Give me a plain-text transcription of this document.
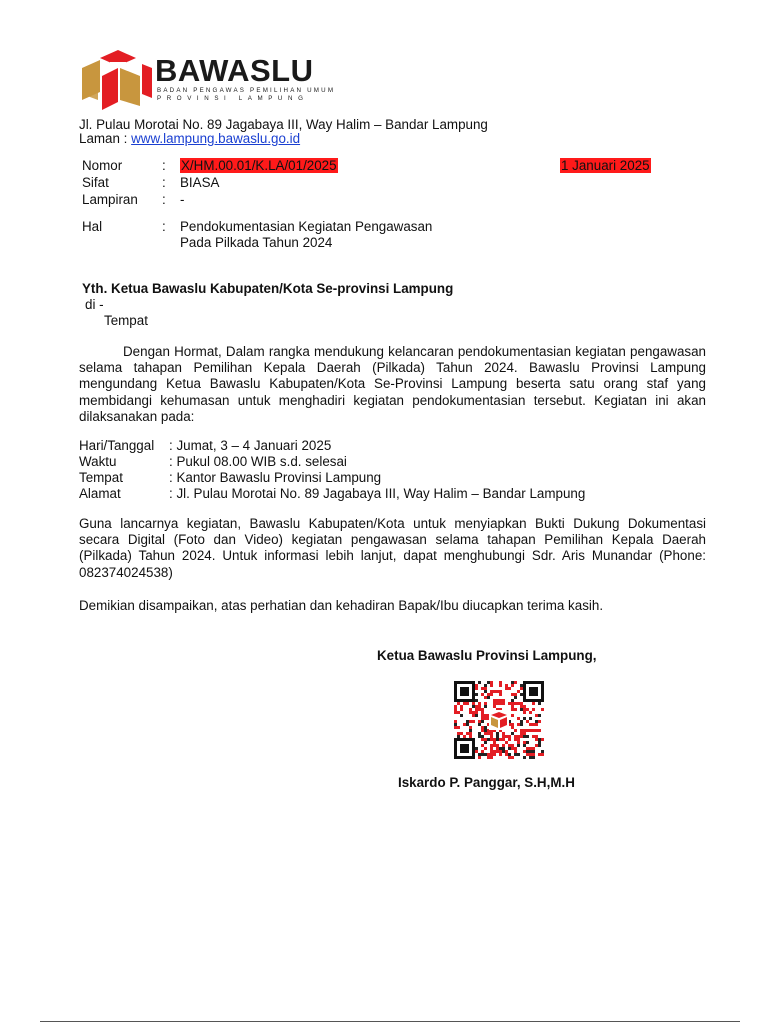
BAWASLU
BADAN PENGAWAS PEMILIHAN UMUM
PROVINSI LAMPUNG
Jl. Pulau Morotai No. 89 Jagabaya III, Way Halim – Bandar Lampung
Laman : www.lampung.bawaslu.go.id
Nomor	: X/HM.00.01/K.LA/01/2025	1 Januari 2025
Sifat	: BIASA
Lampiran : -
Hal	: Pendokumentasian Kegiatan Pengawasan
Pada Pilkada Tahun 2024
Yth. Ketua Bawaslu Kabupaten/Kota Se-provinsi Lampung
di -
Tempat
Dengan Hormat, Dalam rangka mendukung kelancaran pendokumentasian kegiatan pengawasan selama tahapan Pemilihan Kepala Daerah (Pilkada) Tahun 2024. Bawaslu Provinsi Lampung mengundang Ketua Bawaslu Kabupaten/Kota Se-Provinsi Lampung beserta satu orang staf yang membidangi kehumasan untuk menghadiri kegiatan pendokumentasian tersebut. Kegiatan ini akan dilaksanakan pada:
Hari/Tanggal : Jumat, 3 – 4 Januari 2025
Waktu	: Pukul 08.00 WIB s.d. selesai
Tempat	: Kantor Bawaslu Provinsi Lampung
Alamat	: Jl. Pulau Morotai No. 89 Jagabaya III, Way Halim – Bandar Lampung
Guna lancarnya kegiatan, Bawaslu Kabupaten/Kota untuk menyiapkan Bukti Dukung Dokumentasi secara Digital (Foto dan Video) kegiatan pengawasan selama tahapan Pemilihan Kepala Daerah (Pilkada) Tahun 2024. Untuk informasi lebih lanjut, dapat menghubungi Sdr. Aris Munandar (Phone: 082374024538)
Demikian disampaikan, atas perhatian dan kehadiran Bapak/Ibu diucapkan terima kasih.
Ketua Bawaslu Provinsi Lampung,
Iskardo P. Panggar, S.H,M.H
